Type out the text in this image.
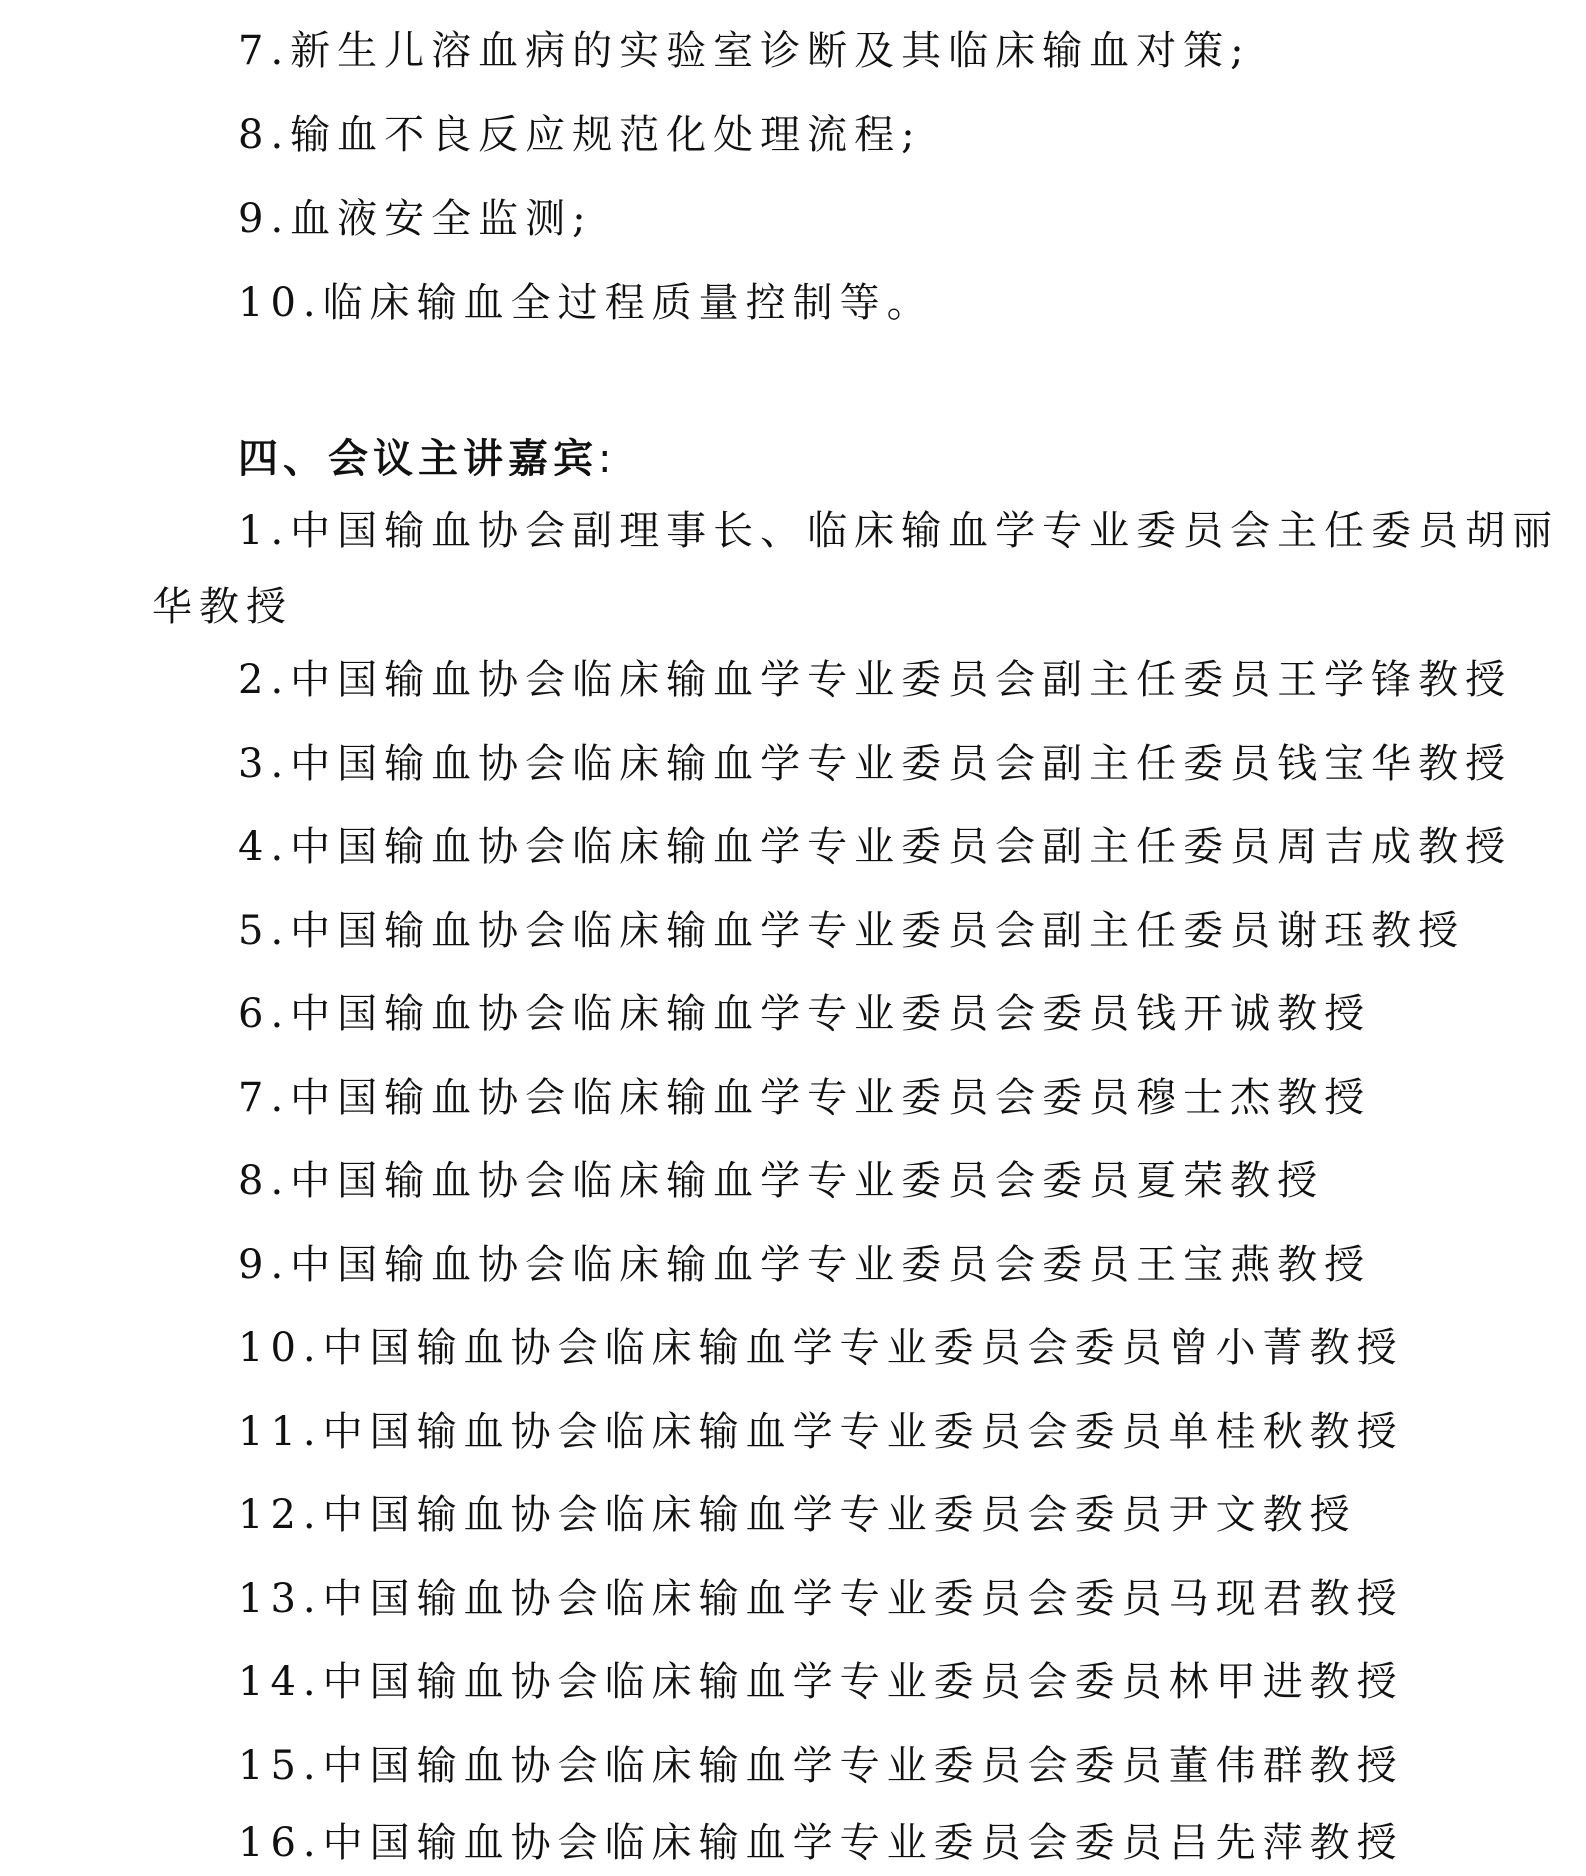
7.新生儿溶血病的实验室诊断及其临床输血对策;
8.输血不良反应规范化处理流程;
9.血液安全监测;
10.临床输血全过程质量控制等。
四、会议主讲嘉宾:
1.中国输血协会副理事长、临床输血学专业委员会主任委员胡丽
华教授
2.中国输血协会临床输血学专业委员会副主任委员王学锋教授
3.中国输血协会临床输血学专业委员会副主任委员钱宝华教授
4.中国输血协会临床输血学专业委员会副主任委员周吉成教授
5.中国输血协会临床输血学专业委员会副主任委员谢珏教授
6.中国输血协会临床输血学专业委员会委员钱开诚教授
7.中国输血协会临床输血学专业委员会委员穆士杰教授
8.中国输血协会临床输血学专业委员会委员夏荣教授
9.中国输血协会临床输血学专业委员会委员王宝燕教授
10.中国输血协会临床输血学专业委员会委员曾小菁教授
11.中国输血协会临床输血学专业委员会委员单桂秋教授
12.中国输血协会临床输血学专业委员会委员尹文教授
13.中国输血协会临床输血学专业委员会委员马现君教授
14.中国输血协会临床输血学专业委员会委员林甲进教授
15.中国输血协会临床输血学专业委员会委员董伟群教授
16.中国输血协会临床输血学专业委员会委员吕先萍教授
